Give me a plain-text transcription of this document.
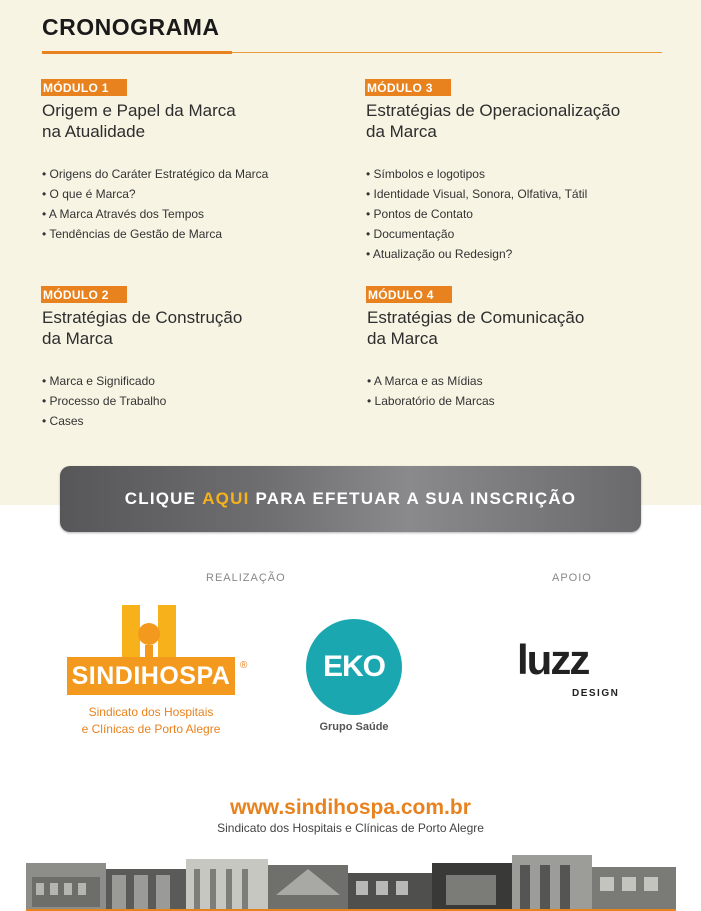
CRONOGRAMA
MÓDULO 1
Origem e Papel da Marca
na Atualidade
• Origens do Caráter Estratégico da Marca
• O que é Marca?
• A Marca Através dos Tempos
• Tendências de Gestão de Marca
MÓDULO 2
Estratégias de Construção
da Marca
• Marca e Significado
• Processo de Trabalho
• Cases
MÓDULO 3
Estratégias de Operacionalização
da Marca
• Símbolos e logotipos
• Identidade Visual, Sonora, Olfativa, Tátil
• Pontos de Contato
• Documentação
• Atualização ou Redesign?
MÓDULO 4
Estratégias de Comunicação
da Marca
• A Marca e as Mídias
• Laboratório de Marcas
CLIQUE AQUI PARA EFETUAR A SUA INSCRIÇÃO
REALIZAÇÃO	APOIO
SINDIHOSPA ®
Sindicato dos Hospitais
e Clínicas de Porto Alegre
EKO
Grupo Saúde
luzz
DESIGN
www.sindihospa.com.br
Sindicato dos Hospitais e Clínicas de Porto Alegre
